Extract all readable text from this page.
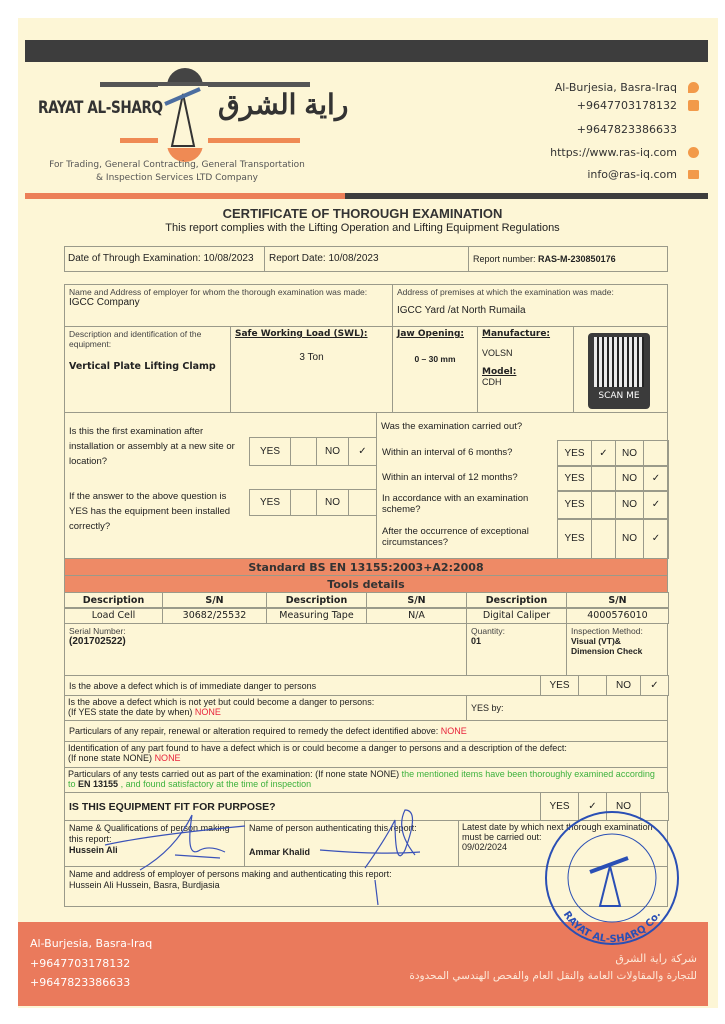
RAYAT AL-SHARQ راية الشرق
For Trading, General Contracting, General Transportation
& Inspection Services LTD Company
Al-Burjesia, Basra-Iraq
+9647703178132
+9647823386633
https://www.ras-iq.com
info@ras-iq.com
CERTIFICATE OF THOROUGH EXAMINATION
This report complies with the Lifting Operation and Lifting Equipment Regulations
Date of Through Examination: 10/08/2023	Report Date: 10/08/2023	Report number: RAS-M-230850176
Name and Address of employer for whom the thorough examination was made:
IGCC Company
Address of premises at which the examination was made:
IGCC Yard /at North Rumaila
Description and identification of the equipment:
Vertical Plate Lifting Clamp
Safe Working Load (SWL):
3 Ton
Jaw Opening:
0 – 30 mm
Manufacture:
VOLSN
Model:
CDH
SCAN ME
Is this the first examination after installation or assembly at a new site or location?
If the answer to the above question is YES has the equipment been installed correctly?
YES	NO	✓
YES	NO
Was the examination carried out?
Within an interval of 6 months?	YES	✓	NO
Within an interval of 12 months?	YES	NO	✓
In accordance with an examination scheme?	YES	NO	✓
After the occurrence of exceptional circumstances?	YES	NO	✓
Standard BS EN 13155:2003+A2:2008
Tools details
Description	S/N	Description	S/N	Description	S/N
Load Cell	30682/25532	Measuring Tape	N/A	Digital Caliper	4000576010
Serial Number:
(201702522)
Quantity:
01
Inspection Method:
Visual (VT)& Dimension Check
Is the above a defect which is of immediate danger to persons	YES	NO	✓
Is the above a defect which is not yet but could become a danger to persons:
(If YES state the date by when) NONE	YES by:
Particulars of any repair, renewal or alteration required to remedy the defect identified above: NONE
Identification of any part found to have a defect which is or could become a danger to persons and a description of the defect:
(If none state NONE) NONE
Particulars of any tests carried out as part of the examination: (If none state NONE) the mentioned items have been thoroughly examined according to EN 13155 , and found satisfactory at the time of inspection
IS THIS EQUIPMENT FIT FOR PURPOSE?	YES	✓	NO
Name & Qualifications of person making this report:
Hussein Ali
Name of person authenticating this report:
Ammar Khalid
Latest date by which next thorough examination must be carried out:
09/02/2024
Name and address of employer of persons making and authenticating this report:
Hussein Ali Hussein, Basra, Burdjasia
Al-Burjesia, Basra-Iraq
+9647703178132
+9647823386633
شركة راية الشرق
للتجارة والمقاولات العامة والنقل العام والفحص الهندسي المحدودة
RAYAT AL-SHARQ Co.
